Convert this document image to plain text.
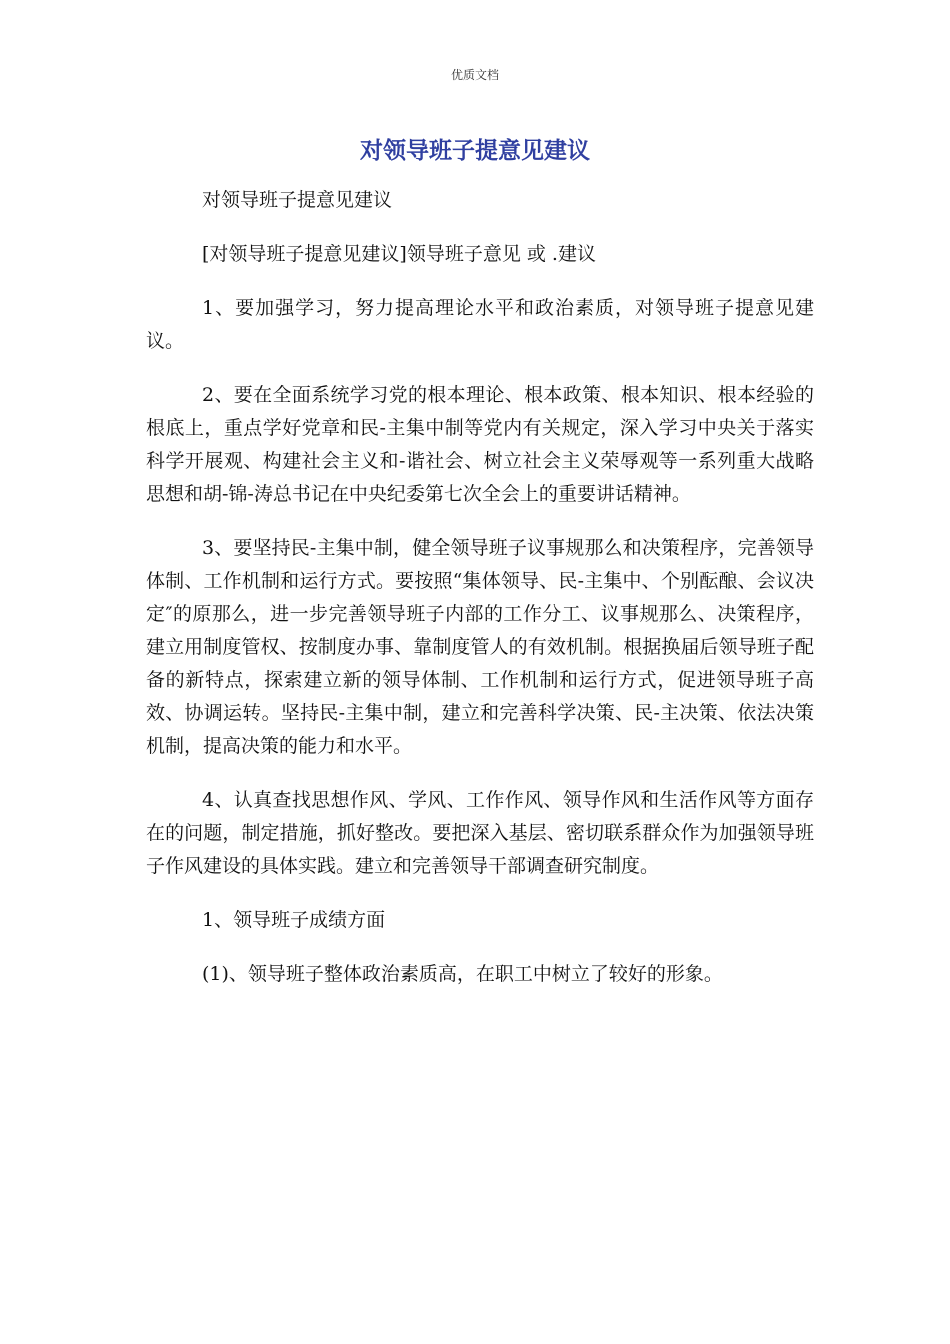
优质文档
对领导班子提意见建议

对领导班子提意见建议

[对领导班子提意见建议]领导班子意见 或 .建议

1、要加强学习，努力提高理论水平和政治素质，对领导班子提意见建议。

2、要在全面系统学习党的根本理论、根本政策、根本知识、根本经验的根底上，重点学好党章和民-主集中制等党内有关规定，深入学习中央关于落实科学开展观、构建社会主义和-谐社会、树立社会主义荣辱观等一系列重大战略思想和胡-锦-涛总书记在中央纪委第七次全会上的重要讲话精神。

3、要坚持民-主集中制，健全领导班子议事规那么和决策程序，完善领导体制、工作机制和运行方式。要按照“集体领导、民-主集中、个别酝酿、会议决定″的原那么，进一步完善领导班子内部的工作分工、议事规那么、决策程序，建立用制度管权、按制度办事、靠制度管人的有效机制。根据换届后领导班子配备的新特点，探索建立新的领导体制、工作机制和运行方式，促进领导班子高效、协调运转。坚持民-主集中制，建立和完善科学决策、民-主决策、依法决策机制，提高决策的能力和水平。

4、认真查找思想作风、学风、工作作风、领导作风和生活作风等方面存在的问题，制定措施，抓好整改。要把深入基层、密切联系群众作为加强领导班子作风建设的具体实践。建立和完善领导干部调查研究制度。

1、领导班子成绩方面

(1)、领导班子整体政治素质高，在职工中树立了较好的形象。
